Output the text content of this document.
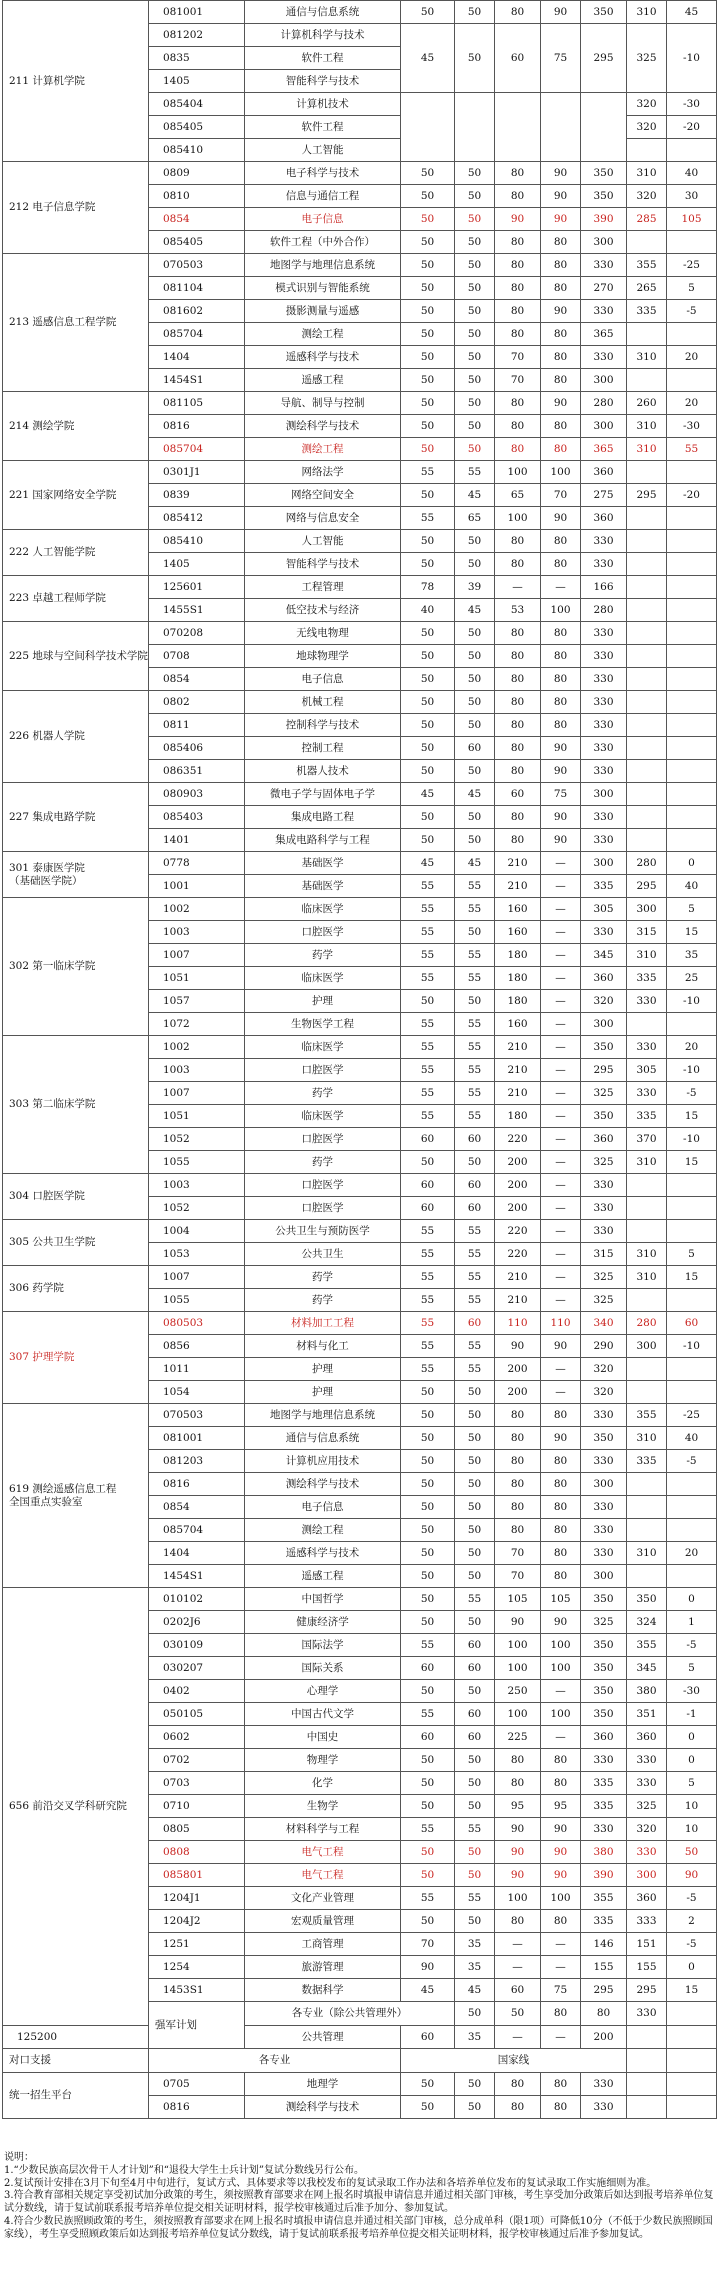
211 计算机学院	081001	通信与信息系统	50	50	80	90	350	310	45	
	081202	计算机科学与技术	45	50	60	75	295	325	-10	
	0835	软件工程								
	1405	智能科学与技术								
	085404	计算机技术						320	-30	
	085405	软件工程						320	-20	
	085410	人工智能								
212 电子信息学院	0809	电子科学与技术	50	50	80	90	350	310	40	
	0810	信息与通信工程	50	50	80	90	350	320	30	
	0854	电子信息	50	50	90	90	390	285	105	
	085405	软件工程（中外合作）	50	50	80	80	300			
213 遥感信息工程学院	070503	地图学与地理信息系统	50	50	80	80	330	355	-25	
	081104	模式识别与智能系统	50	50	80	80	270	265	5	
	081602	摄影测量与遥感	50	50	80	90	330	335	-5	
	085704	测绘工程	50	50	80	80	365			
	1404	遥感科学与技术	50	50	70	80	330	310	20	
	1454S1	遥感工程	50	50	70	80	300			
214 测绘学院	081105	导航、制导与控制	50	50	80	90	280	260	20	
	0816	测绘科学与技术	50	50	80	80	300	310	-30	
	085704	测绘工程	50	50	80	80	365	310	55	
221 国家网络安全学院	0301J1	网络法学	55	55	100	100	360			
	0839	网络空间安全	50	45	65	70	275	295	-20	
	085412	网络与信息安全	55	65	100	90	360			
222 人工智能学院	085410	人工智能	50	50	80	80	330			
	1405	智能科学与技术	50	50	80	80	330			
223 卓越工程师学院	125601	工程管理	78	39	—	—	166			
	1455S1	低空技术与经济	40	45	53	100	280			
225 地球与空间科学技术学院	070208	无线电物理	50	50	80	80	330			
	0708	地球物理学	50	50	80	80	330			
	0854	电子信息	50	50	80	80	330			
226 机器人学院	0802	机械工程	50	50	80	80	330			
	0811	控制科学与技术	50	50	80	80	330			
	085406	控制工程	50	60	80	90	330			
	086351	机器人技术	50	50	80	90	330			
227 集成电路学院	080903	微电子学与固体电子学	45	45	60	75	300			
	085403	集成电路工程	50	50	80	90	330			
	1401	集成电路科学与工程	50	50	80	90	330			
301 泰康医学院
（基础医学院）	0778	基础医学	45	45	210	—	300	280	0	
	1001	基础医学	55	55	210	—	335	295	40	
302 第一临床学院	1002	临床医学	55	55	160	—	305	300	5	
	1003	口腔医学	55	50	160	—	330	315	15	
	1007	药学	55	55	180	—	345	310	35	
	1051	临床医学	55	55	180	—	360	335	25	
	1057	护理	50	50	180	—	320	330	-10	
	1072	生物医学工程	55	55	160	—	300			
303 第二临床学院	1002	临床医学	55	55	210	—	350	330	20	
	1003	口腔医学	55	55	210	—	295	305	-10	
	1007	药学	55	55	210	—	325	330	-5	
	1051	临床医学	55	55	180	—	350	335	15	
	1052	口腔医学	60	60	220	—	360	370	-10	
	1055	药学	50	50	200	—	325	310	15	
304 口腔医学院	1003	口腔医学	60	60	200	—	330			
	1052	口腔医学	60	60	200	—	330			
305 公共卫生学院	1004	公共卫生与预防医学	55	55	220	—	330			
	1053	公共卫生	55	55	220	—	315	310	5	
306 药学院	1007	药学	55	55	210	—	325	310	15	
	1055	药学	55	55	210	—	325			
307 护理学院	080503	材料加工工程	55	60	110	110	340	280	60	
	0856	材料与化工	55	55	90	90	290	300	-10	
	1011	护理	55	55	200	—	320			
	1054	护理	50	50	200	—	320			
619 测绘遥感信息工程
全国重点实验室	070503	地图学与地理信息系统	50	50	80	80	330	355	-25	
	081001	通信与信息系统	50	50	80	90	350	310	40	
	081203	计算机应用技术	50	50	80	80	330	335	-5	
	0816	测绘科学与技术	50	50	80	80	300			
	0854	电子信息	50	50	80	80	330			
	085704	测绘工程	50	50	80	80	330			
	1404	遥感科学与技术	50	50	70	80	330	310	20	
	1454S1	遥感工程	50	50	70	80	300			
656 前沿交叉学科研究院	010102	中国哲学	50	55	105	105	350	350	0	
	0202J6	健康经济学	50	50	90	90	325	324	1	
	030109	国际法学	55	60	100	100	350	355	-5	
	030207	国际关系	60	60	100	100	350	345	5	
	0402	心理学	50	50	250	—	350	380	-30	
	050105	中国古代文学	55	60	100	100	350	351	-1	
	0602	中国史	60	60	225	—	360	360	0	
	0702	物理学	50	50	80	80	330	330	0	
	0703	化学	50	50	80	80	335	330	5	
	0710	生物学	50	50	95	95	335	325	10	
	0805	材料科学与工程	55	55	90	90	330	320	10	
	0808	电气工程	50	50	90	90	380	330	50	
	085801	电气工程	50	50	90	90	390	300	90	
	1204J1	文化产业管理	55	55	100	100	355	360	-5	
	1204J2	宏观质量管理	50	50	80	80	335	333	2	
	1251	工商管理	70	35	—	—	146	151	-5	
	1254	旅游管理	90	35	—	—	155	155	0	
	1453S1	数据科学	45	45	60	75	295	295	15	
	强军计划	各专业（除公共管理外）		50	50	80	80	330		
125200		公共管理	60	35	—	—	200			
对口支援	各专业		国家线							
统一招生平台	0705	地理学	50	50	80	80	330			
	0816	测绘科学与技术	50	50	80	80	330			

说明：

1.“少数民族高层次骨干人才计划”和“退役大学生士兵计划”复试分数线另行公布。

2.复试预计安排在3月下旬至4月中旬进行，复试方式、具体要求等以我校发布的复试录取工作办法和各培养单位发布的复试录取工作实施细则为准。

3.符合教育部相关规定享受初试加分政策的考生，须按照教育部要求在网上报名时填报申请信息并通过相关部门审核，考生享受加分政策后如达到报考培养单位复试分数线，请于复试前联系报考培养单位提交相关证明材料，报学校审核通过后准予加分、参加复试。

4.符合少数民族照顾政策的考生，须按照教育部要求在网上报名时填报申请信息并通过相关部门审核，总分成单科（限1项）可降低10分（不低于少数民族照顾国家线），考生享受照顾政策后如达到报考培养单位复试分数线，请于复试前联系报考培养单位提交相关证明材料，报学校审核通过后准予参加复试。
